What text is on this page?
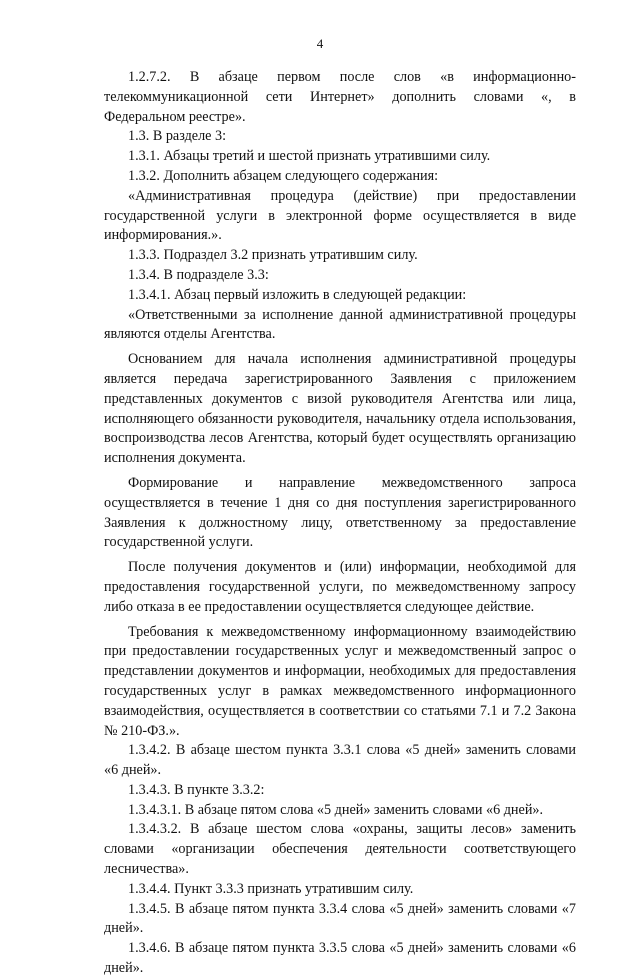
4

1.2.7.2. В абзаце первом после слов «в информационно-телекоммуникационной сети Интернет» дополнить словами «, в Федеральном реестре».

1.3. В разделе 3:

1.3.1. Абзацы третий и шестой признать утратившими силу.

1.3.2. Дополнить абзацем следующего содержания:

«Административная процедура (действие) при предоставлении государственной услуги в электронной форме осуществляется в виде информирования.».

1.3.3. Подраздел 3.2 признать утратившим силу.

1.3.4. В подразделе 3.3:

1.3.4.1. Абзац первый изложить в следующей редакции:

«Ответственными за исполнение данной административной процедуры являются отделы Агентства.

Основанием для начала исполнения административной процедуры является передача зарегистрированного Заявления с приложением представленных документов с визой руководителя Агентства или лица, исполняющего обязанности руководителя, начальнику отдела использования, воспроизводства лесов Агентства, который будет осуществлять организацию исполнения документа.

Формирование и направление межведомственного запроса осуществляется в течение 1 дня со дня поступления зарегистрированного Заявления к должностному лицу, ответственному за предоставление государственной услуги.

После получения документов и (или) информации, необходимой для предоставления государственной услуги, по межведомственному запросу либо отказа в ее предоставлении осуществляется следующее действие.

Требования к межведомственному информационному взаимодействию при предоставлении государственных услуг и межведомственный запрос о представлении документов и информации, необходимых для предоставления государственных услуг в рамках межведомственного информационного взаимодействия, осуществляется в соответствии со статьями 7.1 и 7.2 Закона № 210-ФЗ.».

1.3.4.2. В абзаце шестом пункта 3.3.1 слова «5 дней» заменить словами «6 дней».

1.3.4.3. В пункте 3.3.2:

1.3.4.3.1. В абзаце пятом слова «5 дней» заменить словами «6 дней».

1.3.4.3.2. В абзаце шестом слова «охраны, защиты лесов» заменить словами «организации обеспечения деятельности соответствующего лесничества».

1.3.4.4. Пункт 3.3.3 признать утратившим силу.

1.3.4.5. В абзаце пятом пункта 3.3.4 слова «5 дней» заменить словами «7 дней».

1.3.4.6. В абзаце пятом пункта 3.3.5 слова «5 дней» заменить словами «6 дней».
